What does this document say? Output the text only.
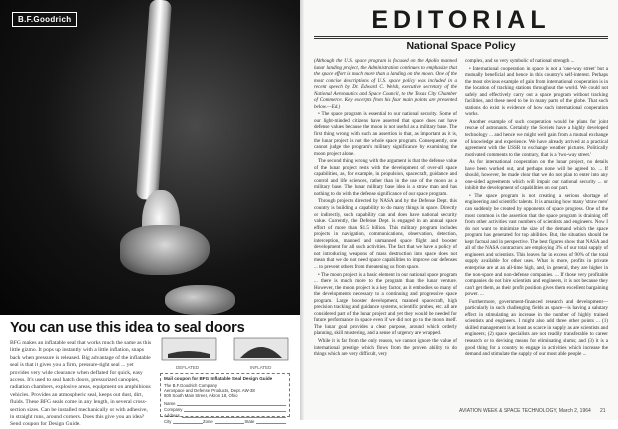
B.F.Goodrich
You can use this idea to seal doors

BFG makes an inflatable seal that works much the same as this little gizmo. It pops up instantly with a little inflation, snaps back when pressure is released. Big advantage of the inflatable seal is that it gives you a firm, pressure-tight seal ... yet provides very wide clearance when deflated for quick, easy access. It's used to seal hatch doors, pressurized canopies, radiation chambers, explosive areas, equipment on amphibious vehicles. Provides an atmospheric seal, keeps out dust, dirt, fluids. These BFG seals come in any length, in several cross-section sizes. Can be installed mechanically or with adhesive, in straight runs, around corners. Does this give you an idea? Send coupon for Design Guide.

DEFLATED	INFLATED
Mail coupon for BFG Inflatable Seal Design Guide
The B.F.Goodrich Company
Aerospace and Defense Products, Dept. AW-38
500 South Main Street, Akron 18, Ohio
Name
Company
Address
City	Zone	State
EDITORIAL
National Space Policy

(Although the U.S. space program is focused on the Apollo manned lunar landing project, the Administration continues to emphasize that the space effort is much more than a landing on the moon. One of the most concise descriptions of U.S. space policy was included in a recent speech by Dr. Edward C. Welsh, executive secretary of the National Aeronautics and Space Council, to the Texas City Chamber of Commerce. Key excerpts from his four main points are presented below.—Ed.)

• The space program is essential to our national security. Some of our light-minded citizens have asserted that space does not have defense values because the moon is not useful as a military base. The first thing wrong with such an assertion is that, as important as it is, the lunar project is not the whole space program. Consequently, one cannot judge the program's military significance by examining the moon project alone.

The second thing wrong with the argument is that the defense value of the lunar project rests with the development of over-all space capabilities, as, for example, in propulsion, spacecraft, guidance and control and life sciences, rather than in the use of the moon as a military base. The lunar military base idea is a straw man and has nothing to do with the defense significance of our space program.

Through projects directed by NASA and by the Defense Dept. this country is building a capability to do many things in space. Directly or indirectly, such capability can and does have national security value. Currently, the Defense Dept. is engaged in an annual space effort of more than $1.5 billion. This military program includes projects in navigation, communications, observation, detection, interception, manned and unmanned space flight and booster development for all such activities. The fact that we have a policy of not introducing weapons of mass destruction into space does not mean that we do not need space capabilities to improve our defenses ... to prevent others from threatening us from space.

• The moon project is a basic element in our national space program ... there is much more to the program than the lunar venture. However, the moon project is a key factor, as it embodies so many of the developments necessary to a continuing and progressive space program. Large booster development, manned spacecraft, high precision tracking and guidance systems, scientific probes, etc. all are considered part of the lunar project and yet they would be needed for future performance in space even if we did not go to the moon itself. The lunar goal provides a clear purpose, around which orderly planning, skill mustering, and a sense of urgency are wrapped.

While it is far from the only reason, we cannot ignore the value of international prestige which flows from the proven ability to do things which are very difficult, very

complex, and so very symbolic of national strength ...

• International cooperation in space is not a 'one-way street' but a mutually beneficial and hence in this country's self-interest. Perhaps the most obvious example of gain from international cooperation is in the location of tracking stations throughout the world. We could not safely and effectively carry out a space program without tracking facilities, and these need to be in many parts of the globe. That such stations do exist is evidence of how such international cooperation works.

Another example of such cooperation would be plans for joint rescue of astronauts. Certainly the Soviets have a highly developed technology ... and hence we might well gain from a mutual exchange of knowledge and experience. We have already arrived at a practical agreement with the USSR to exchange weather pictures. Politically motivated comments to the contrary, that is a 'two-way street.'

As for international cooperation on the lunar project, no details have been worked out, and perhaps none will be agreed to. ... If should, however, be made clear that we do not plan to enter into any one-sided agreements which will impair our national security ... or inhibit the development of capabilities on our part.

• The space program is not creating a serious shortage of engineering and scientific talents. It is amazing how many 'straw men' can suddenly be created by opponents of space progress. One of the most common is the assertion that the space program is draining off from other activities vast numbers of scientists and engineers. Now I do not want to minimize the size of the demand which the space program has generated for top abilities. But, the situation should be kept factual and in perspective. The best figures show that NASA and all of the NASA contractors are employing 3% of our total supply of engineers and scientists. This leaves far in excess of 90% of the total supply available for other uses. What is more, profits in private enterprise are at an all-time high, and, in general, they are higher in the non-space and non-defense companies. ... If those very profitable companies do not hire scientists and engineers, it is not because they can't get them, as their profit position gives them excellent bargaining power. ...

Furthermore, government-financed research and development—particularly in such challenging fields as space—is having a salutary effect in stimulating an increase in the number of highly trained scientists and engineers. I might also add three other points ... (1) skilled management is at least as scarce in supply as are scientists and engineers; (2) space specialists are not readily transferable to career research or to devising means for eliminating slums; and (3) it is a good thing for a country to engage in activities which increase the demand and stimulate the supply of our most able people ...

AVIATION WEEK & SPACE TECHNOLOGY, March 2, 1964 21
